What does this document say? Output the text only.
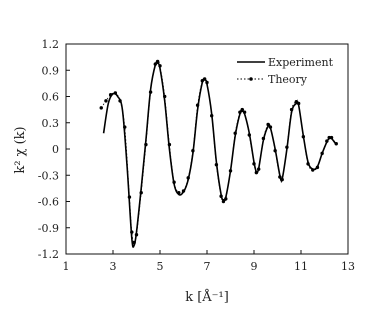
1	3	5	7	9	11	13
-1.2
-0.9
-0.6
-0.3
0
0.3
0.6
0.9
1.2
Experiment
Theory
k [Å⁻¹]
k² χ (k)
